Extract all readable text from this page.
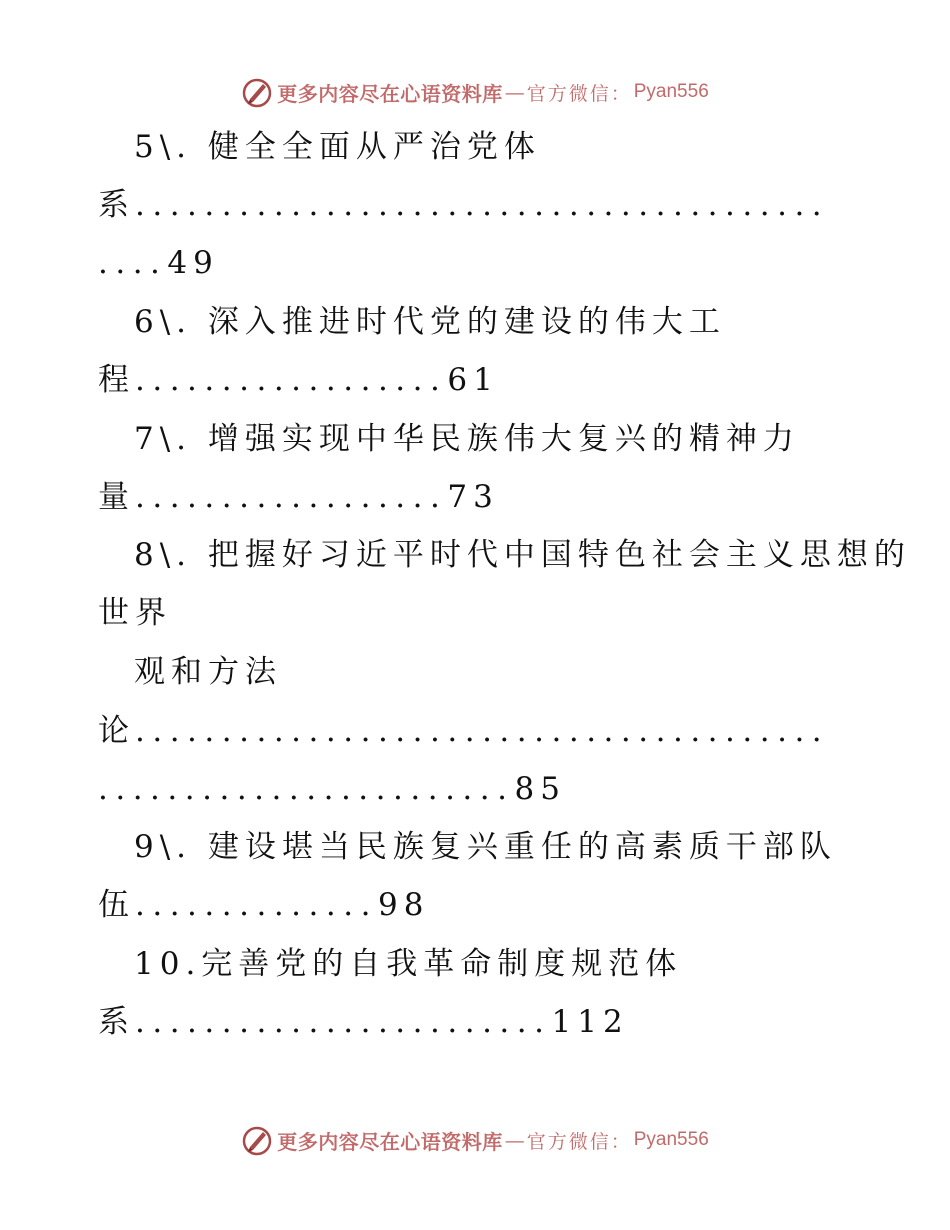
更多内容尽在心语资料库 — 官方微信： Pyan556
5\. 健全全面从严治党体
系........................................
....49
6\. 深入推进时代党的建设的伟大工
程..................61
7\. 增强实现中华民族伟大复兴的精神力
量..................73
8\. 把握好习近平时代中国特色社会主义思想的
世界
观和方法
论........................................
........................85
9\. 建设堪当民族复兴重任的高素质干部队
伍..............98
10.完善党的自我革命制度规范体
系........................112
更多内容尽在心语资料库 — 官方微信： Pyan556
